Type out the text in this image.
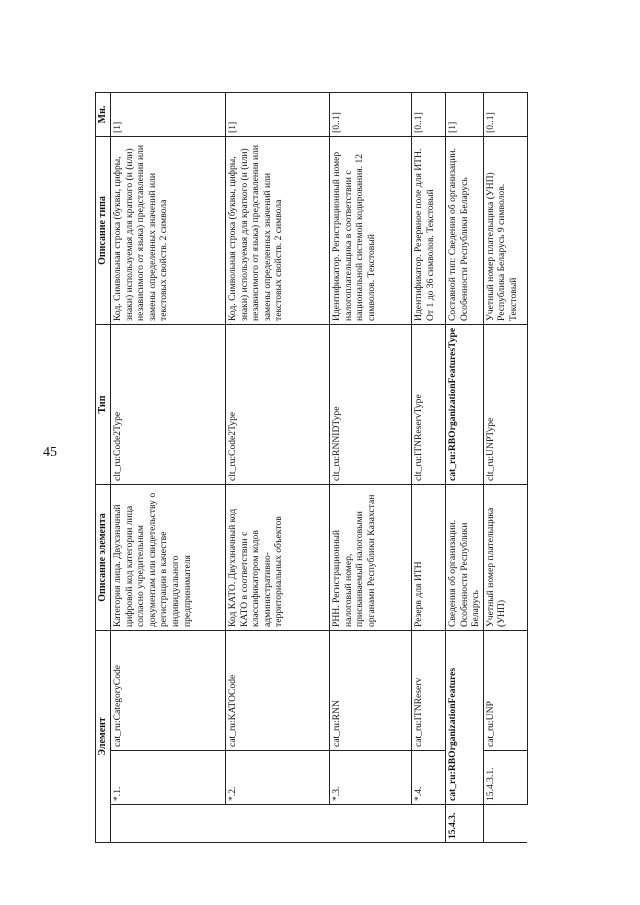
45
Элемент			Описание элемента	Тип	Описание типа	Мн.
	*.1.	cat_ru:CategoryCode	Категория лица. Двухзначный цифровой код категории лица согласно учредительным документам или свидетельству о регистрации в качестве индивидуального предпринимателя	clt_ru:Code2Type	Код. Символьная строка (буквы, цифры, знаки) используемая для краткого (и (или) независимого от языка) представления или замены определенных значений или текстовых свойств. 2 символа	[1]
	*.2.	cat_ru:KATOCode	Код КАТО. Двухзначный код КАТО в соответствии с классификатором кодов административно-территориальных объектов	clt_ru:Code2Type	Код. Символьная строка (буквы, цифры, знаки) используемая для краткого (и (или) независимого от языка) представления или замены определенных значений или текстовых свойств. 2 символа	[1]
	*.3.	cat_ru:RNN	РНН. Регистрационный налоговый номер, присваиваемый налоговыми органами Республики Казахстан	clt_ru:RNNIDType	Идентификатор. Регистрационный номер налогоплательщика в соответствии с национальной системой кодирования. 12 символов. Текстовый	[0..1]
	*.4.	cat_ru:ITNReserv	Резерв для ИТН	clt_ru:ITNReservType	Идентификатор. Резервное поле для ИТН. От 1 до 36 символов. Текстовый	[0..1]
15.4.3.	cat_ru:RBOrganizationFeatures		Сведения об организации. Особенности Республики Беларусь	cat_ru:RBOrganizationFeaturesType	Составной тип: Сведения об организации. Особенности Республики Беларусь	[1]
	15.4.3.1.	cat_ru:UNP	Учетный номер плательщика (УНП)	clt_ru:UNPType	Учетный номер плательщика (УНП) Республика Беларусь 9 символов. Текстовый	[0..1]
